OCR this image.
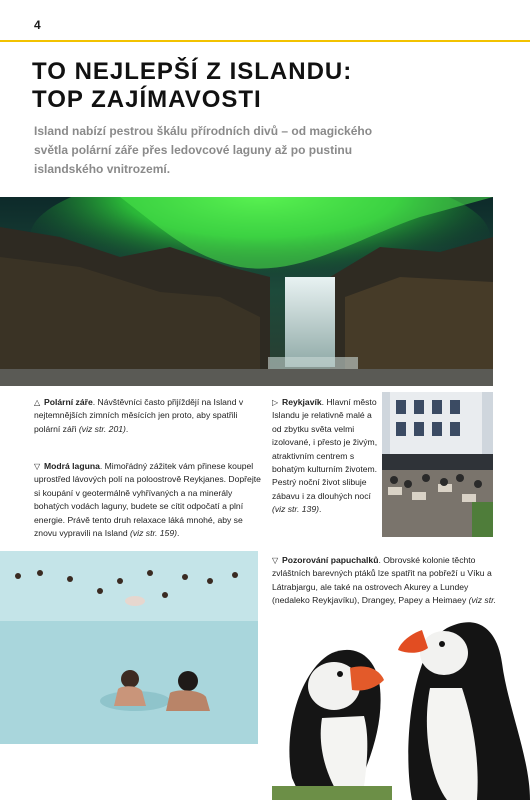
4
TO NEJLEPŠÍ Z ISLANDU:
TOP ZAJÍMAVOSTI

Island nabízí pestrou škálu přírodních divů – od magického světla polární záře přes ledovcové laguny až po pustinu islandského vnitrozemí.

△ Polární záře. Návštěvníci často přijíždějí na Island v nejtemnějších zimních měsících jen proto, aby spatřili polární záři (viz str. 201).
▽ Modrá laguna. Mimořádný zážitek vám přinese koupel uprostřed lávových polí na poloostrově Reykjanes. Dopřejte si koupání v geotermálně vyhřívaných a na minerály bohatých vodách laguny, budete se cítit odpočatí a plní energie. Právě tento druh relaxace láká mnohé, aby se znovu vypravili na Island (viz str. 159).
▷ Reykjavík. Hlavní město Islandu je relativně malé a od zbytku světa velmi izolované, i přesto je živým, atraktivním centrem s bohatým kulturním životem. Pestrý noční život slibuje zábavu i za dlouhých nocí (viz str. 139).
▽ Pozorování papuchalků. Obrovské kolonie těchto zvláštních barevných ptáků lze spatřit na pobřeží u Víku a Látrabjargu, ale také na ostrovech Akurey a Lundey (nedaleko Reykjavíku), Drangey, Papey a Heimaey (viz str.
